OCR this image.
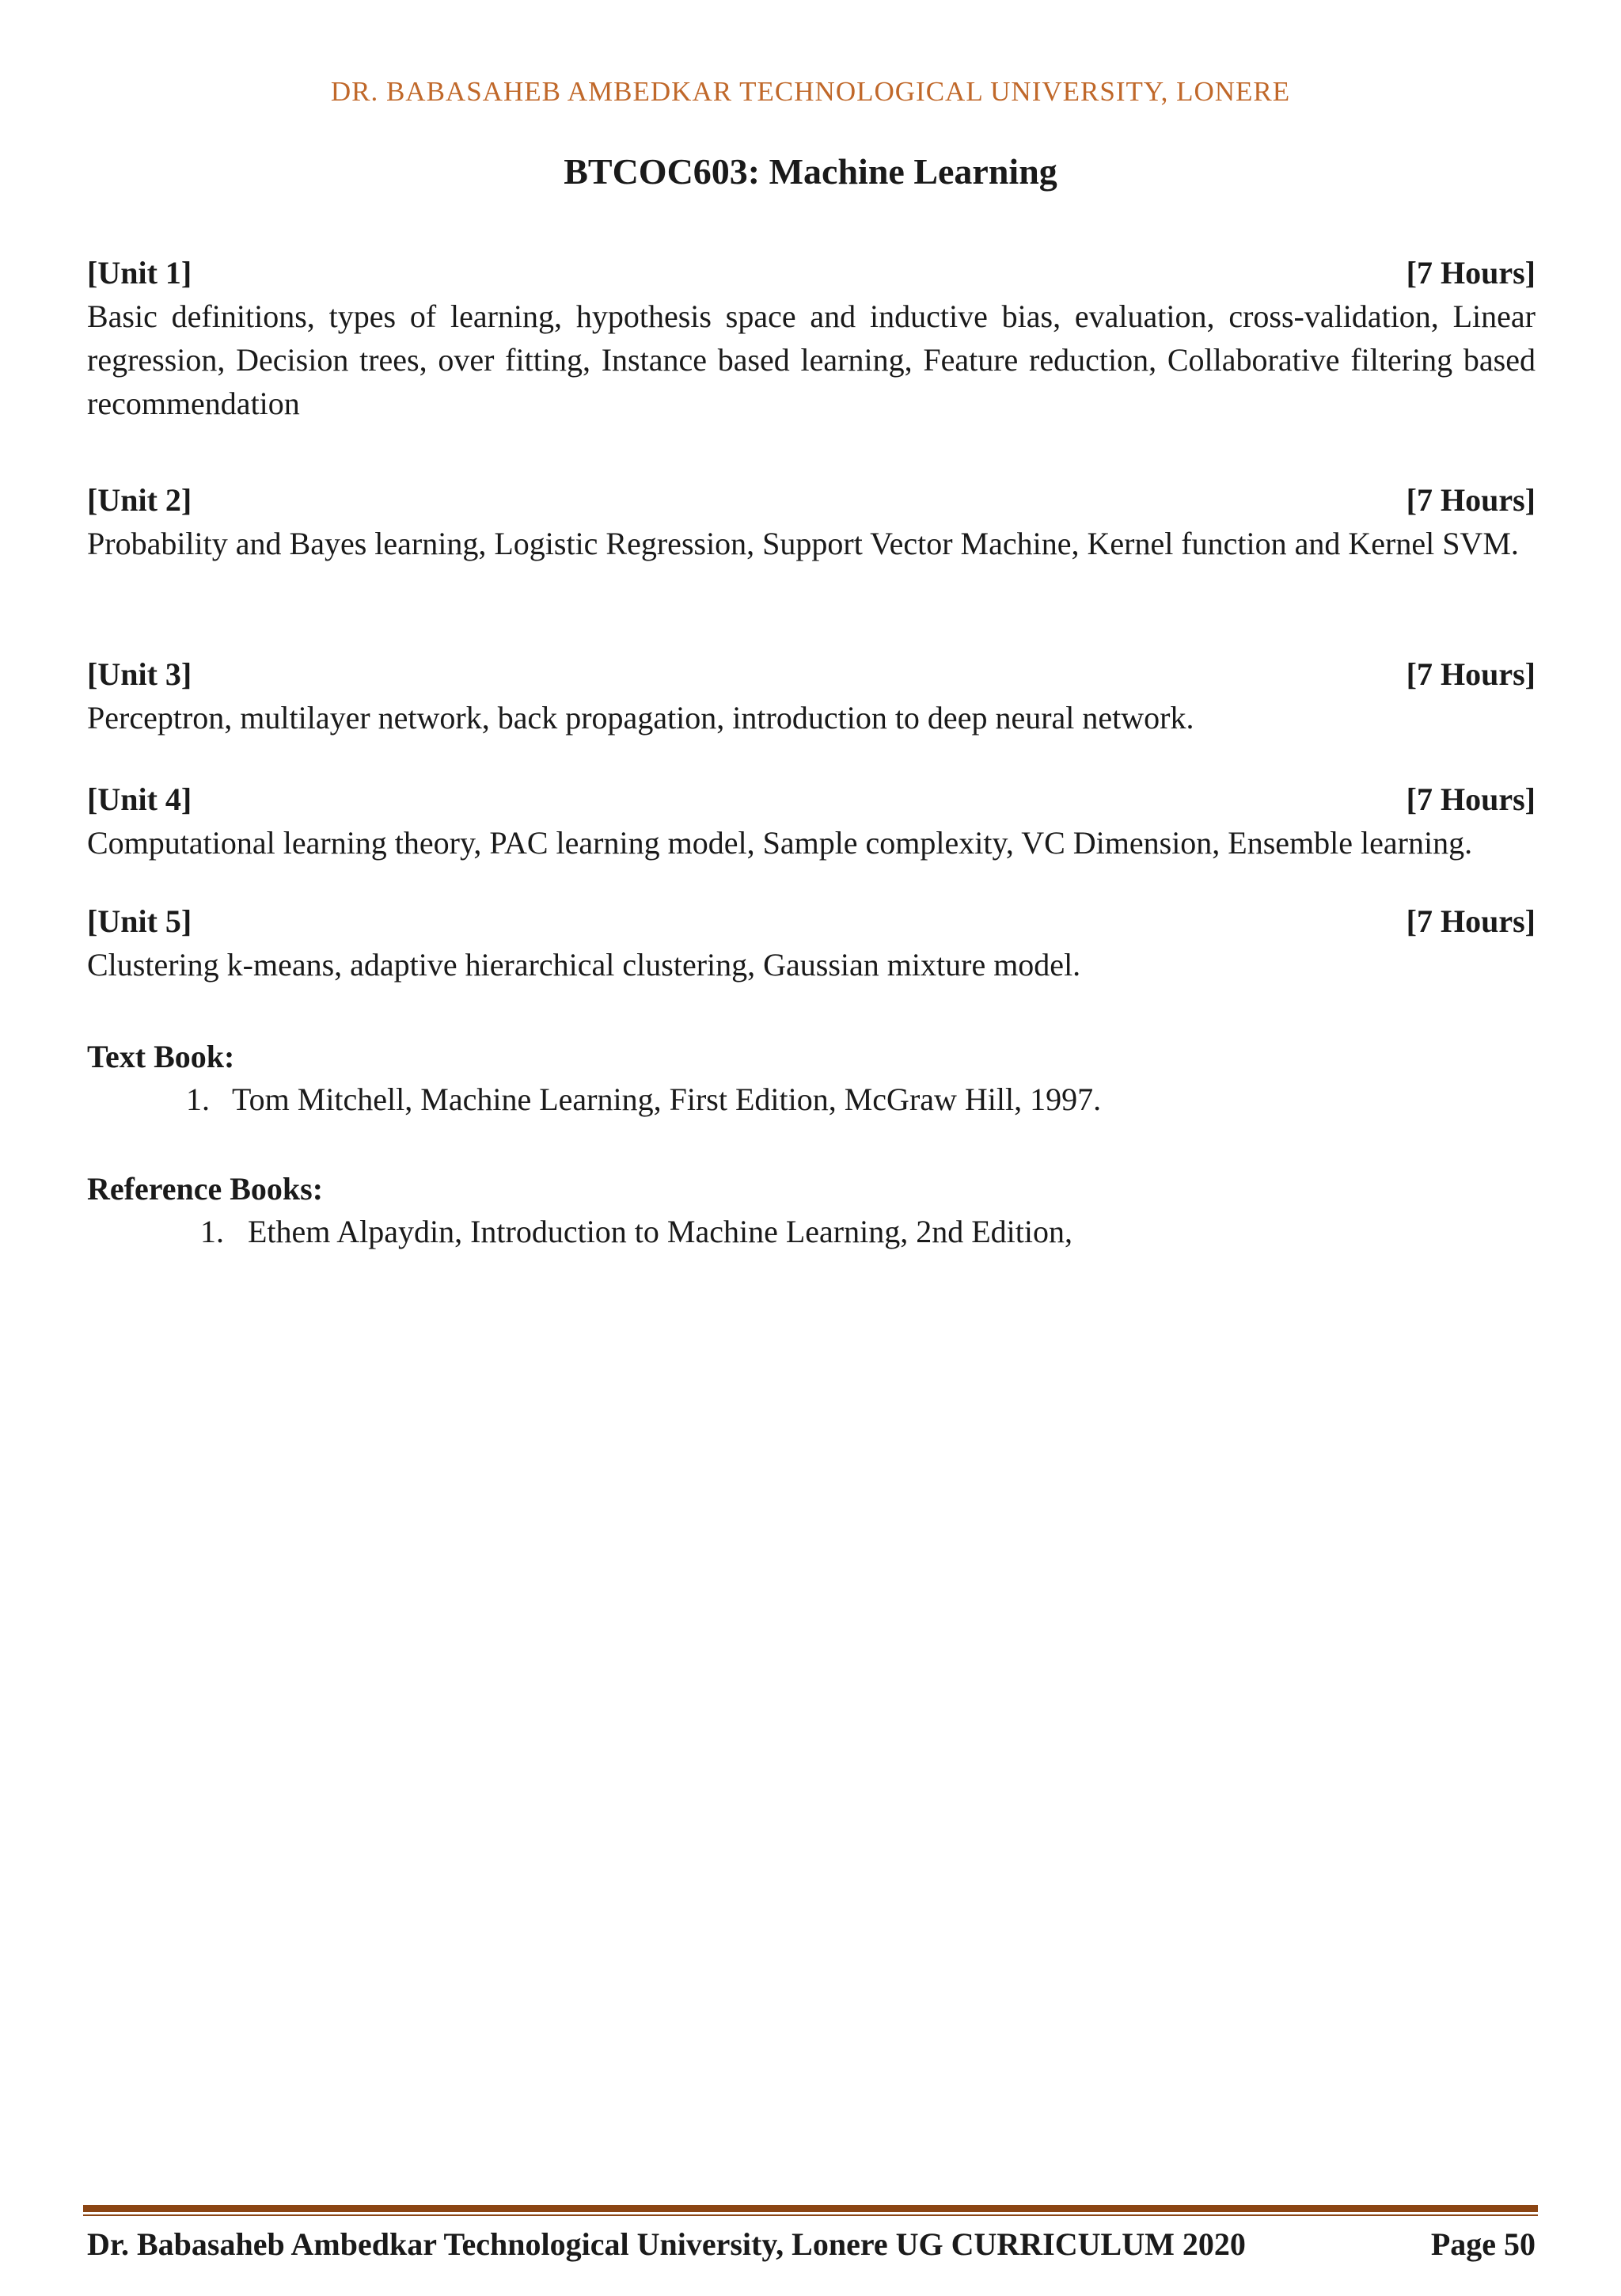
DR. BABASAHEB AMBEDKAR TECHNOLOGICAL UNIVERSITY, LONERE
BTCOC603: Machine Learning
[Unit 1]	[7 Hours]
Basic definitions, types of learning, hypothesis space and inductive bias, evaluation, cross-validation, Linear regression, Decision trees, over fitting, Instance based learning, Feature reduction, Collaborative filtering based recommendation
[Unit 2]	[7 Hours]
Probability and Bayes learning, Logistic Regression, Support Vector Machine, Kernel function and Kernel SVM.
[Unit 3]	[7 Hours]
Perceptron, multilayer network, back propagation, introduction to deep neural network.
[Unit 4]	[7 Hours]
Computational learning theory, PAC learning model, Sample complexity, VC Dimension, Ensemble learning.
[Unit 5]	[7 Hours]
Clustering k-means, adaptive hierarchical clustering, Gaussian mixture model.
Text Book:
1. Tom Mitchell, Machine Learning, First Edition, McGraw Hill, 1997.
Reference Books:
1. Ethem Alpaydin, Introduction to Machine Learning, 2nd Edition,
Dr. Babasaheb Ambedkar Technological University, Lonere UG CURRICULUM 2020	Page 50
